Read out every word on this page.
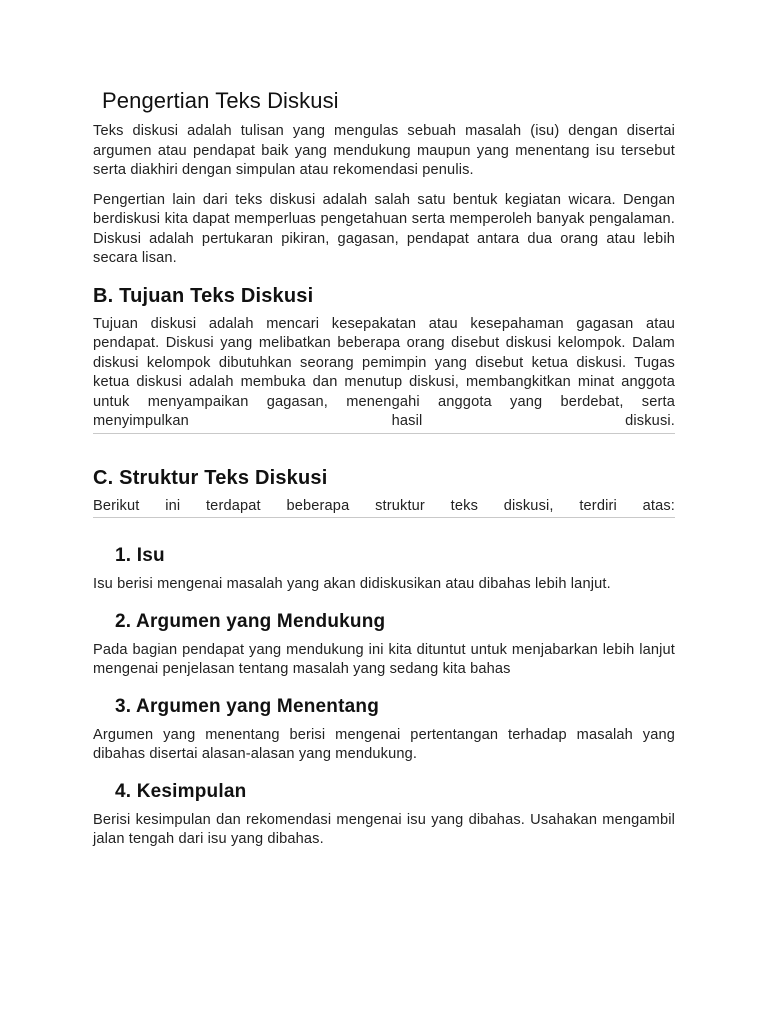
Pengertian Teks Diskusi

Teks diskusi adalah tulisan yang mengulas sebuah masalah (isu) dengan disertai argumen atau pendapat baik yang mendukung maupun yang menentang isu tersebut serta diakhiri dengan simpulan atau rekomendasi penulis.

Pengertian lain dari teks diskusi adalah salah satu bentuk kegiatan wicara. Dengan berdiskusi kita dapat memperluas pengetahuan serta memperoleh banyak pengalaman. Diskusi adalah pertukaran pikiran, gagasan, pendapat antara dua orang atau lebih secara lisan.

B. Tujuan Teks Diskusi

Tujuan diskusi adalah mencari kesepakatan atau kesepahaman gagasan atau pendapat. Diskusi yang melibatkan beberapa orang disebut diskusi kelompok. Dalam diskusi kelompok dibutuhkan seorang pemimpin yang disebut ketua diskusi. Tugas ketua diskusi adalah membuka dan menutup diskusi, membangkitkan minat anggota untuk menyampaikan gagasan, menengahi anggota yang berdebat, serta menyimpulkan hasil diskusi.

C. Struktur Teks Diskusi

Berikut ini terdapat beberapa struktur teks diskusi, terdiri atas:

1. Isu

Isu berisi mengenai masalah yang akan didiskusikan atau dibahas lebih lanjut.

2. Argumen yang Mendukung

Pada bagian pendapat yang mendukung ini kita dituntut untuk menjabarkan lebih lanjut mengenai penjelasan tentang masalah yang sedang kita bahas

3. Argumen yang Menentang

Argumen yang menentang berisi mengenai pertentangan terhadap masalah yang dibahas disertai alasan-alasan yang mendukung.

4. Kesimpulan

Berisi kesimpulan dan rekomendasi mengenai isu yang dibahas. Usahakan mengambil jalan tengah dari isu yang dibahas.
